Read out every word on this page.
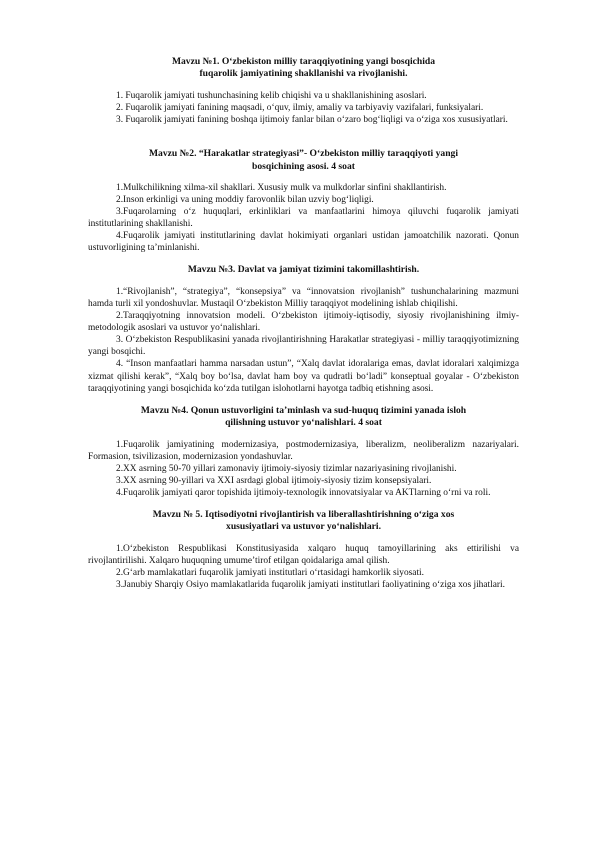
Mavzu №1. O‘zbekiston milliy taraqqiyotining yangi bosqichida
fuqarolik jamiyatining shakllanishi va rivojlanishi.

1. Fuqarolik jamiyati tushunchasining kelib chiqishi va u shakllanishining asoslari.

2. Fuqarolik jamiyati fanining maqsadi, o‘quv, ilmiy, amaliy va tarbiyaviy vazifalari, funksiyalari.

3. Fuqarolik jamiyati fanining boshqa ijtimoiy fanlar bilan o‘zaro bog‘liqligi va o‘ziga xos xususiyatlari.

Mavzu №2. “Harakatlar strategiyasi”- O‘zbekiston milliy taraqqiyoti yangi
bosqichining asosi. 4 soat

1.Mulkchilikning xilma-xil shakllari. Xususiy mulk va mulkdorlar sinfini shakllantirish.

2.Inson erkinligi va uning moddiy farovonlik bilan uzviy bog‘liqligi.

3.Fuqarolarning o‘z huquqlari, erkinliklari va manfaatlarini himoya qiluvchi fuqarolik jamiyati institutlarining shakllanishi.

4.Fuqarolik jamiyati institutlarining davlat hokimiyati organlari ustidan jamoatchilik nazorati. Qonun ustuvorligining ta’minlanishi.

Mavzu №3. Davlat va jamiyat tizimini takomillashtirish.

1.“Rivojlanish”, “strategiya”, “konsepsiya” va “innovatsion rivojlanish” tushunchalarining mazmuni hamda turli xil yondoshuvlar. Mustaqil O‘zbekiston Milliy taraqqiyot modelining ishlab chiqilishi.

2.Taraqqiyotning innovatsion modeli. O‘zbekiston ijtimoiy-iqtisodiy, siyosiy rivojlanishining ilmiy-metodologik asoslari va ustuvor yo‘nalishlari.

3. O‘zbekiston Respublikasini yanada rivojlantirishning Harakatlar strategiyasi - milliy taraqqiyotimizning yangi bosqichi.

4. “Inson manfaatlari hamma narsadan ustun”, “Xalq davlat idoralariga emas, davlat idoralari xalqimizga xizmat qilishi kerak”, “Xalq boy bo‘lsa, davlat ham boy va qudratli bo‘ladi” konseptual goyalar - O‘zbekiston taraqqiyotining yangi bosqichida ko‘zda tutilgan islohotlarni hayotga tadbiq etishning asosi.

Mavzu №4. Qonun ustuvorligini ta’minlash va sud-huquq tizimini yanada isloh
qilishning ustuvor yo‘nalishlari. 4 soat

1.Fuqarolik jamiyatining modernizasiya, postmodernizasiya, liberalizm, neoliberalizm nazariyalari. Formasion, tsivilizasion, modernizasion yondashuvlar.

2.XX asrning 50-70 yillari zamonaviy ijtimoiy-siyosiy tizimlar nazariyasining rivojlanishi.

3.XX asrning 90-yillari va XXI asrdagi global ijtimoiy-siyosiy tizim konsepsiyalari.

4.Fuqarolik jamiyati qaror topishida ijtimoiy-texnologik innovatsiyalar va AKTlarning o‘rni va roli.

Mavzu № 5. Iqtisodiyotni rivojlantirish va liberallashtirishning o‘ziga xos
xususiyatlari va ustuvor yo‘nalishlari.

1.O‘zbekiston Respublikasi Konstitusiyasida xalqaro huquq tamoyillarining aks ettirilishi va rivojlantirilishi. Xalqaro huquqning umume’tirof etilgan qoidalariga amal qilish.

2.G‘arb mamlakatlari fuqarolik jamiyati institutlari o‘rtasidagi hamkorlik siyosati.

3.Janubiy Sharqiy Osiyo mamlakatlarida fuqarolik jamiyati institutlari faoliyatining o‘ziga xos jihatlari.
